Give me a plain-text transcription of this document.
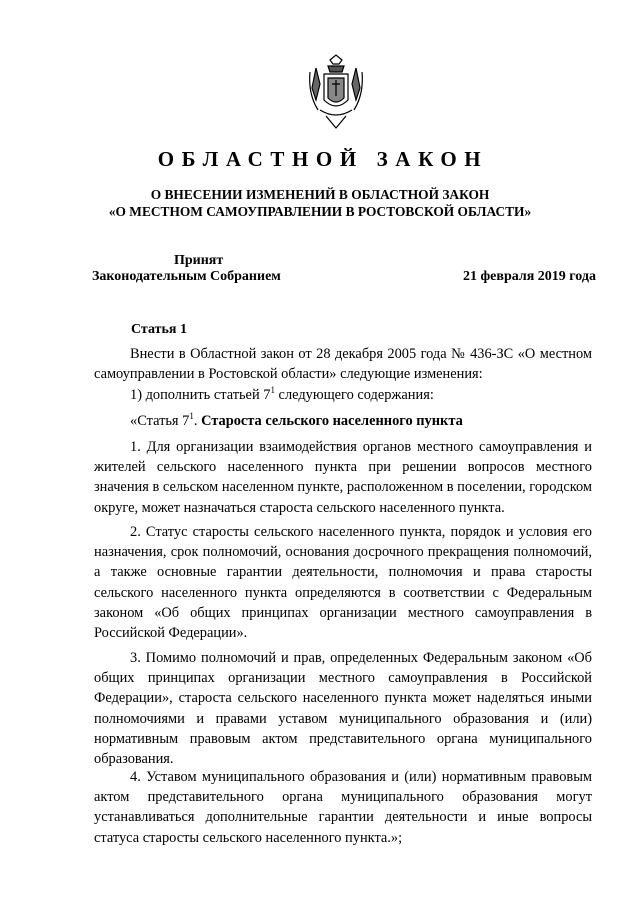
ОБЛАСТНОЙ ЗАКОН
О ВНЕСЕНИИ ИЗМЕНЕНИЙ В ОБЛАСТНОЙ ЗАКОН
«О МЕСТНОМ САМОУПРАВЛЕНИИ В РОСТОВСКОЙ ОБЛАСТИ»
Принят
Законодательным Собранием	21 февраля 2019 года
Статья 1
Внести в Областной закон от 28 декабря 2005 года № 436-ЗС «О местном самоуправлении в Ростовской области» следующие изменения:
1) дополнить статьей $7^1$ следующего содержания:
«Статья $7^1$. Староста сельского населенного пункта
1. Для организации взаимодействия органов местного самоуправления и жителей сельского населенного пункта при решении вопросов местного значения в сельском населенном пункте, расположенном в поселении, городском округе, может назначаться староста сельского населенного пункта.
2. Статус старосты сельского населенного пункта, порядок и условия его назначения, срок полномочий, основания досрочного прекращения полномочий, а также основные гарантии деятельности, полномочия и права старосты сельского населенного пункта определяются в соответствии с Федеральным законом «Об общих принципах организации местного самоуправления в Российской Федерации».
3. Помимо полномочий и прав, определенных Федеральным законом «Об общих принципах организации местного самоуправления в Российской Федерации», староста сельского населенного пункта может наделяться иными полномочиями и правами уставом муниципального образования и (или) нормативным правовым актом представительного органа муниципального образования.
4. Уставом муниципального образования и (или) нормативным правовым актом представительного органа муниципального образования могут устанавливаться дополнительные гарантии деятельности и иные вопросы статуса старосты сельского населенного пункта.»;
